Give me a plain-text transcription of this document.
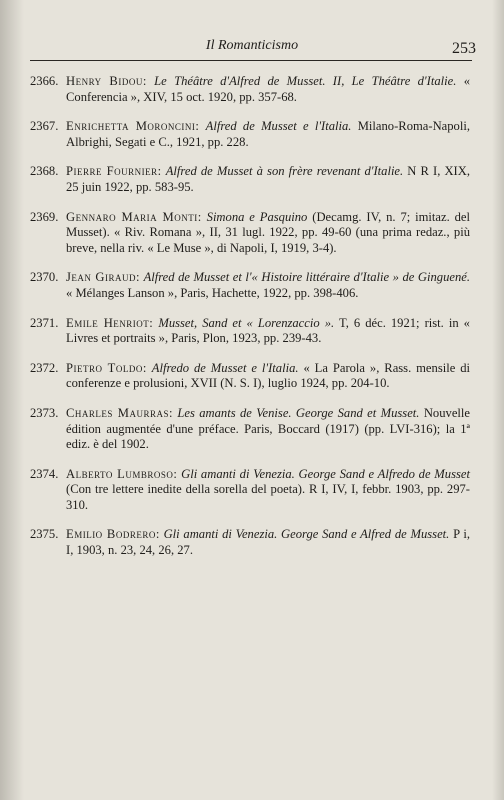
Il Romanticismo	253
2366. Henry Bidou: Le Théâtre d'Alfred de Musset. II, Le Théâtre d'Italie. « Conferencia », XIV, 15 oct. 1920, pp. 357-68.
2367. Enrichetta Moroncini: Alfred de Musset e l'Italia. Milano-Roma-Napoli, Albrighi, Segati e C., 1921, pp. 228.
2368. Pierre Fournier: Alfred de Musset à son frère revenant d'Italie. N R I, XIX, 25 juin 1922, pp. 583-95.
2369. Gennaro Maria Monti: Simona e Pasquino (Decamg. IV, n. 7; imitaz. del Musset). « Riv. Romana », II, 31 lugl. 1922, pp. 49-60 (una prima redaz., più breve, nella riv. « Le Muse », di Napoli, I, 1919, 3-4).
2370. Jean Giraud: Alfred de Musset et l'« Histoire littéraire d'Italie » de Ginguené. « Mélanges Lanson », Paris, Hachette, 1922, pp. 398-406.
2371. Emile Henriot: Musset, Sand et « Lorenzaccio ». T, 6 déc. 1921; rist. in « Livres et portraits », Paris, Plon, 1923, pp. 239-43.
2372. Pietro Toldo: Alfredo de Musset e l'Italia. « La Parola », Rass. mensile di conferenze e prolusioni, XVII (N. S. I), luglio 1924, pp. 204-10.
2373. Charles Maurras: Les amants de Venise. George Sand et Musset. Nouvelle édition augmentée d'une préface. Paris, Boccard (1917) (pp. LVI-316); la 1ª ediz. è del 1902.
2374. Alberto Lumbroso: Gli amanti di Venezia. George Sand e Alfredo de Musset (Con tre lettere inedite della sorella del poeta). R I, IV, I, febbr. 1903, pp. 297-310.
2375. Emilio Bodrero: Gli amanti di Venezia. George Sand e Alfred de Musset. P i, I, 1903, n. 23, 24, 26, 27.
